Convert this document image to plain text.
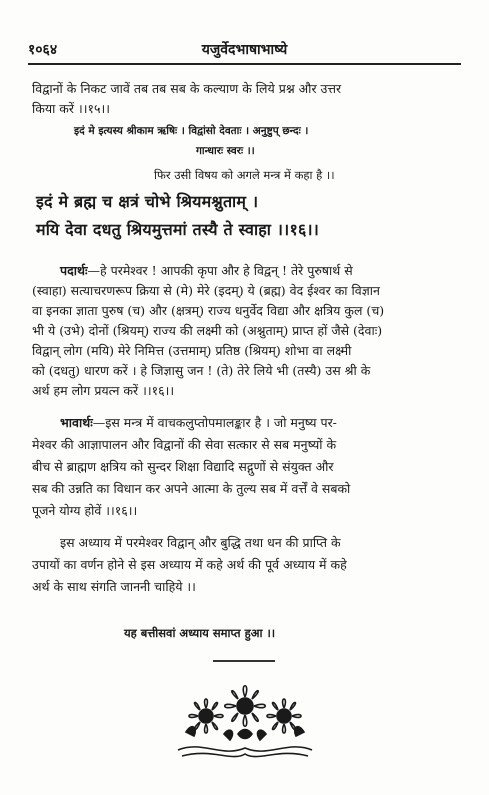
१०६४	यजुर्वेदभाषाभाष्ये
विद्वानों के निकट जावें तब तब सब के कल्याण के लिये प्रश्न और उत्तर
किया करें ।।१५।।
इदं मे इत्यस्य श्रीकाम ऋषिः । विद्वांसो देवताः । अनुष्टुप् छन्दः ।
गान्धारः स्वरः ।।
फिर उसी विषय को अगले मन्त्र में कहा है ।।
इदं मे ब्रह्म च क्षत्रं चोभे श्रियमश्नुताम् ।
मयि देवा दधतु श्रियमुत्तमां तस्यै ते स्वाहा ।।१६।।
पदार्थः—हे परमेश्वर ! आपकी कृपा और हे विद्वन् ! तेरे पुरुषार्थ से
(स्वाहा) सत्याचरणरूप क्रिया से (मे) मेरे (इदम्) ये (ब्रह्म) वेद ईश्वर का विज्ञान
वा इनका ज्ञाता पुरुष (च) और (क्षत्रम्) राज्य धनुर्वेद विद्या और क्षत्रिय कुल (च)
भी ये (उभे) दोनों (श्रियम्) राज्य की लक्ष्मी को (अश्नुताम्) प्राप्त हों जैसे (देवाः)
विद्वान् लोग (मयि) मेरे निमित्त (उत्तमाम्) प्रतिष्ठ (श्रियम्) शोभा वा लक्ष्मी
को (दधतु) धारण करें । हे जिज्ञासु जन ! (ते) तेरे लिये भी (तस्यै) उस श्री के
अर्थ हम लोग प्रयत्न करें ।।१६।।
भावार्थः—इस मन्त्र में वाचकलुप्तोपमालङ्कार है । जो मनुष्य पर-
मेश्वर की आज्ञापालन और विद्वानों की सेवा सत्कार से सब मनुष्यों के
बीच से ब्राह्मण क्षत्रिय को सुन्दर शिक्षा विद्यादि सद्गुणों से संयुक्त और
सब की उन्नति का विधान कर अपने आत्मा के तुल्य सब में वर्त्तें वे सबको
पूजने योग्य होवें ।।१६।।
इस अध्याय में परमेश्वर विद्वान् और बुद्धि तथा धन की प्राप्ति के
उपायों का वर्णन होने से इस अध्याय में कहे अर्थ की पूर्व अध्याय में कहे
अर्थ के साथ संगति जाननी चाहिये ।।
यह बत्तीसवां अध्याय समाप्त हुआ ।।
